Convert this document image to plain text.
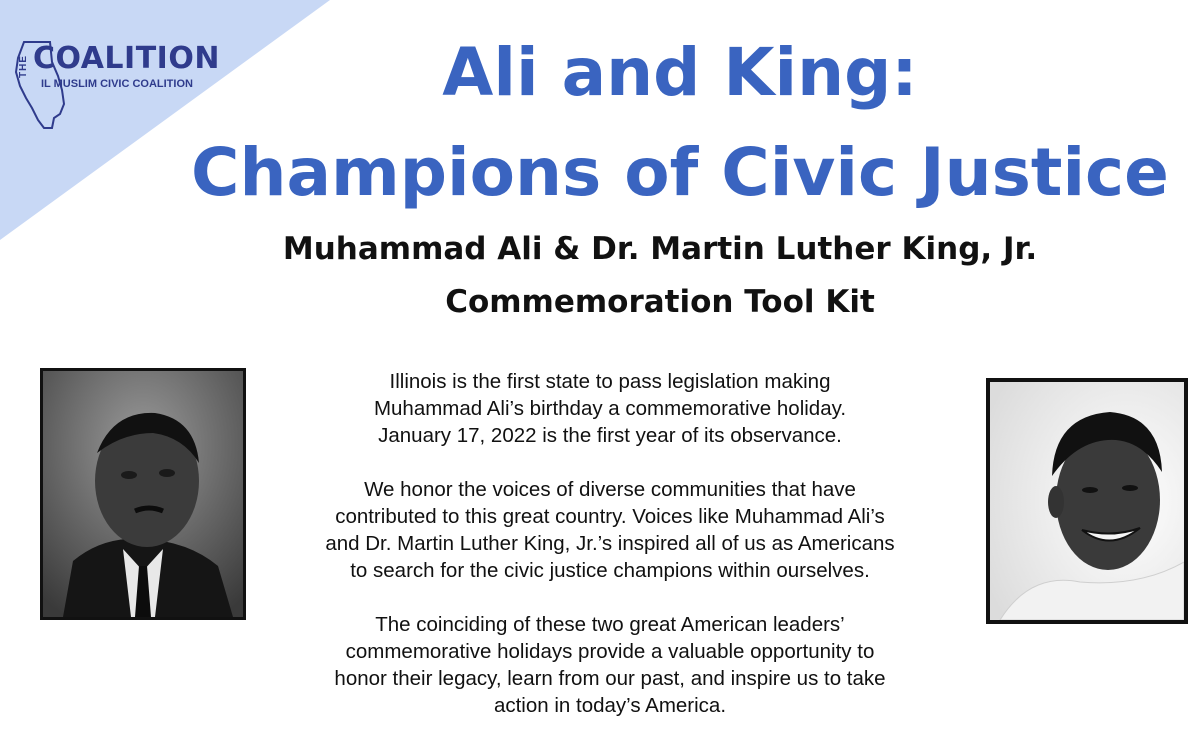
THE COALITION
IL MUSLIM CIVIC COALITION	Ali and King:
Champions of Civic Justice
Muhammad Ali & Dr. Martin Luther King, Jr.
Commemoration Tool Kit

Illinois is the first state to pass legislation making
Muhammad Ali’s birthday a commemorative holiday.
January 17, 2022 is the first year of its observance.

We honor the voices of diverse communities that have
contributed to this great country. Voices like Muhammad Ali’s
and Dr. Martin Luther King, Jr.’s inspired all of us as Americans
to search for the civic justice champions within ourselves.

The coinciding of these two great American leaders’
commemorative holidays provide a valuable opportunity to
honor their legacy, learn from our past, and inspire us to take
action in today’s America.
